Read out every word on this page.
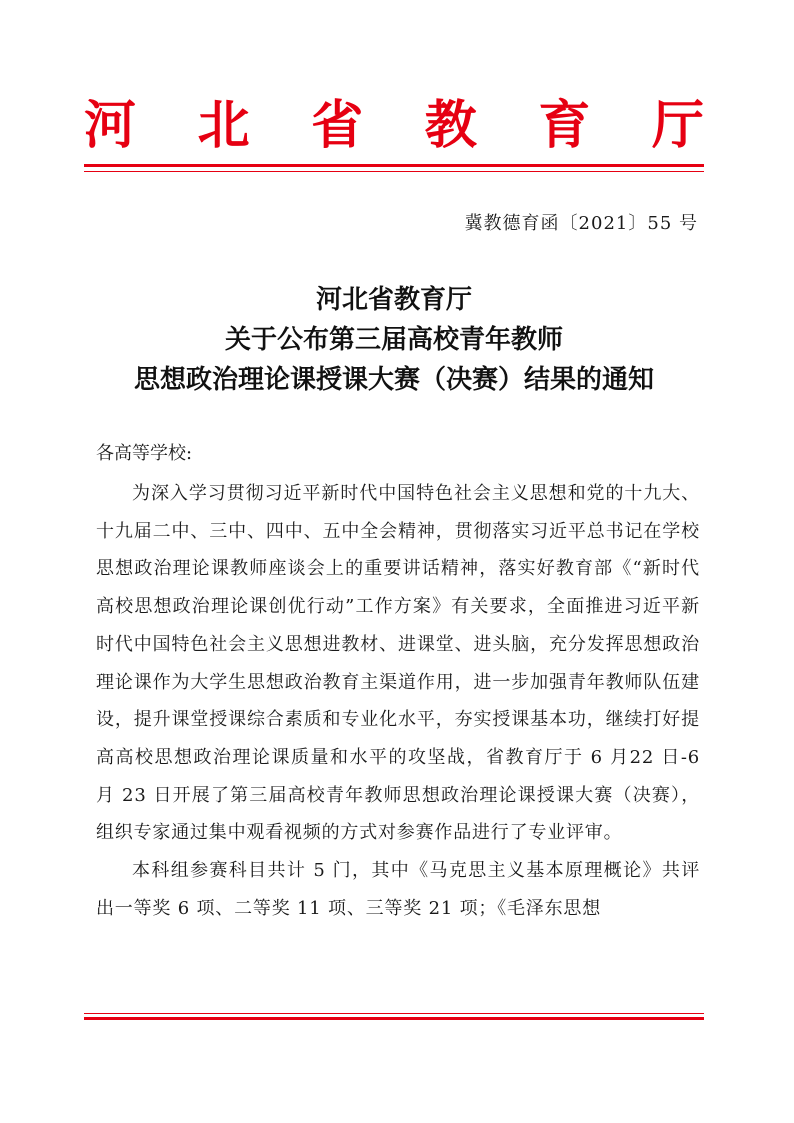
河 北 省 教 育 厅
冀教德育函〔2021〕55 号
河北省教育厅
关于公布第三届高校青年教师
思想政治理论课授课大赛（决赛）结果的通知
各高等学校:

为深入学习贯彻习近平新时代中国特色社会主义思想和党的十九大、十九届二中、三中、四中、五中全会精神，贯彻落实习近平总书记在学校思想政治理论课教师座谈会上的重要讲话精神，落实好教育部《“新时代高校思想政治理论课创优行动”工作方案》有关要求，全面推进习近平新时代中国特色社会主义思想进教材、进课堂、进头脑，充分发挥思想政治理论课作为大学生思想政治教育主渠道作用，进一步加强青年教师队伍建设，提升课堂授课综合素质和专业化水平，夯实授课基本功，继续打好提高高校思想政治理论课质量和水平的攻坚战，省教育厅于 6 月22 日-6 月 23 日开展了第三届高校青年教师思想政治理论课授课大赛（决赛），组织专家通过集中观看视频的方式对参赛作品进行了专业评审。

本科组参赛科目共计 5 门，其中《马克思主义基本原理概论》共评出一等奖 6 项、二等奖 11 项、三等奖 21 项；《毛泽东思想
